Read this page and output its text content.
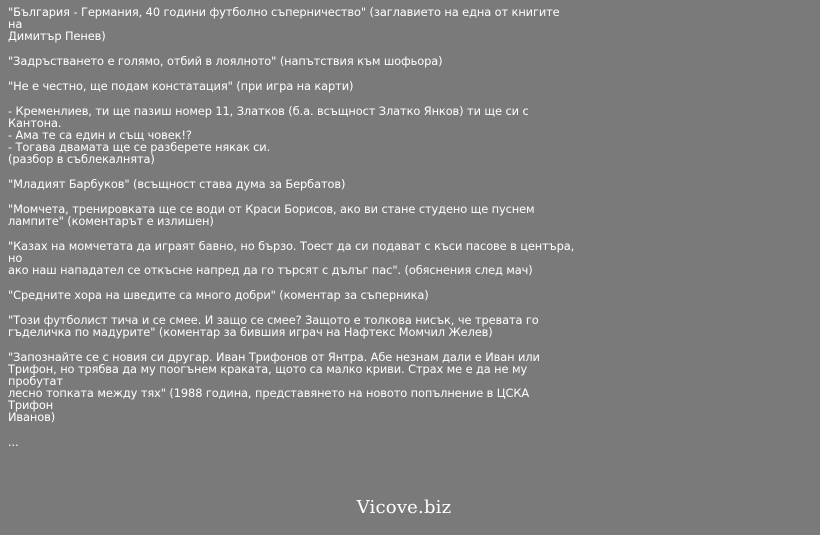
"България - Германия, 40 години футболно съперничество" (заглавието на една от книгите на
Димитър Пенев)
"Задръстването е голямо, отбий в лоялното" (напътствия към шофьора)
"Не е честно, ще подам констатация" (при игра на карти)
- Кременлиев, ти ще пазиш номер 11, Златков (б.а. всъщност Златко Янков) ти ще си с Кантона.
- Ама те са един и същ човек!?
- Тогава двамата ще се разберете някак си.
(разбор в съблекалнята)
"Младият Барбуков" (всъщност става дума за Бербатов)
"Момчета, тренировката ще се води от Краси Борисов, ако ви стане студено ще пуснем
лампите" (коментарът е излишен)
"Казах на момчетата да играят бавно, но бързо. Тоест да си подават с къси пасове в центъра, но
ако наш нападател се откъсне напред да го търсят с дълъг пас". (обяснения след мач)
"Средните хора на шведите са много добри" (коментар за съперника)
"Този футболист тича и се смее. И защо се смее? Защото е толкова нисък, че тревата го
гъделичка по мадурите" (коментар за бившия играч на Нафтекс Момчил Желев)
"Запознайте се с новия си другар. Иван Трифонов от Янтра. Абе незнам дали е Иван или
Трифон, но трябва да му поогънем краката, щото са малко криви. Страх ме е да не му пробутат
лесно топката между тях" (1988 година, представянето на новото попълнение в ЦСКА Трифон
Иванов)
...
Vicove.biz
